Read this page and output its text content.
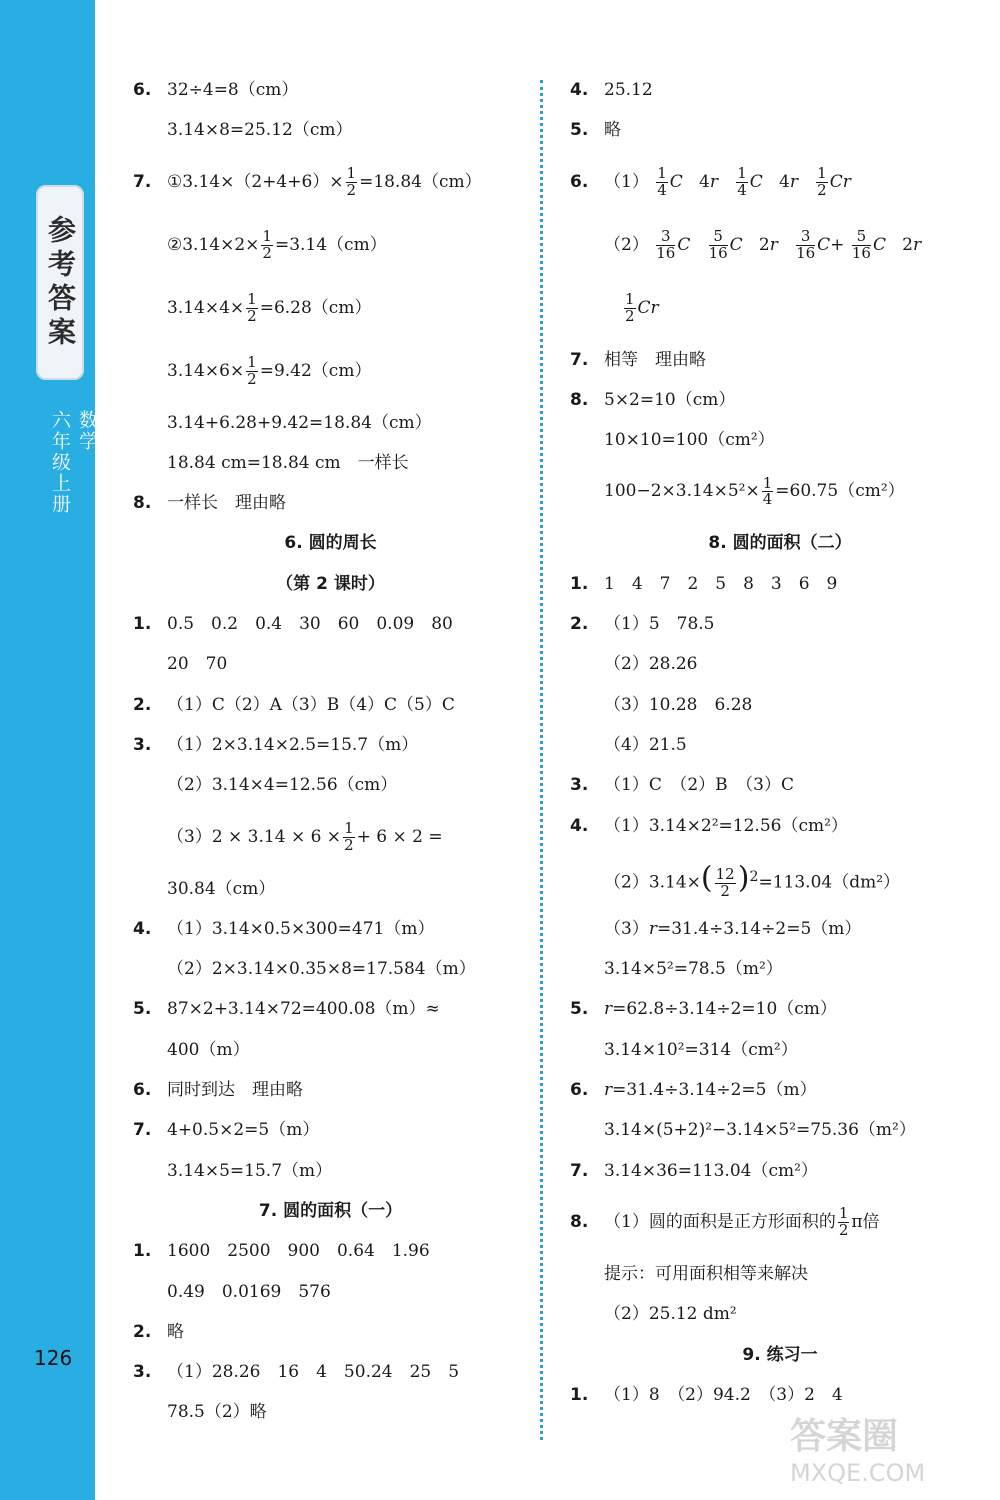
参考答案
数学
六年级上册
126
6. 32÷4=8（cm）
3.14×8=25.12（cm）
7. ①3.14×（2+4+6）× $\frac{1}{2} =18.84(cm)$
②3.14×2× $\frac{1}{2} =3.14(cm)$
$3.14\times 4\times \frac{1}{2} =6.28(cm)$
$3.14\times 6\times \frac{1}{2} =9.42(cm)$
3.14+6.28+9.42=18.84（cm）
18.84 cm=18.84 cm　一样长
8. 一样长　理由略
6. 圆的周长
（第 2 课时）
1. 0.5　0.2　0.4　30　60　0.09　80
20　70
2. （1）C（2）A（3）B（4）C（5）C
3. （1）2×3.14×2.5=15.7（m）
（2）3.14×4=12.56（cm）
$(3)2 \times 3.14 \times 6 \times \frac{1}{2} + 6 \times 2$ =
30.84（cm）
4. （1）3.14×0.5×300=471（m）
（2）2×3.14×0.35×8=17.584（m）
5. 87×2+3.14×72=400.08（m）≈
400（m）
6. 同时到达　理由略
7. 4+0.5×2=5（m）
3.14×5=15.7（m）
7. 圆的面积（一）
1. 1600　2500　900　0.64　1.96
0.49　0.0169　576
2. 略
3. （1）28.26　16　4　50.24　25　5
78.5（2）略
4. 25.12
5. 略
6. $(1) \frac{1}{4}$ C $4r \frac{1}{4}$ C $4r \frac{1}{2}$ Cr
$(2) \frac{3}{16}$ C $\frac{5}{16}$ C $2r \frac{3}{16} C+ \frac{5}{16}$ C 2r
$\frac{1}{2}$ Cr
7. 相等　理由略
8. 5×2=10（cm）
10×10=100（cm²）
$100-2\times 3.14\times 5^2\times \frac{1}{4} =60.75(cm^2)$
8. 圆的面积（二）
1. 1　4　7　2　5　8　3　6　9
2. （1）5　78.5
（2）28.26
（3）10.28　6.28
（4）21.5
3. （1）C　（2）B　（3）C
4. （1）3.14×2²=12.56（cm²）
$(2)3.14\times( \frac{12}{2} )^2=113.04(dm^2)$
（3）r=31.4÷3.14÷2=5（m）
3.14×5²=78.5（m²）
5. r=62.8÷3.14÷2=10（cm）
3.14×10²=314（cm²）
6. r=31.4÷3.14÷2=5（m）
3.14×(5+2)²−3.14×5²=75.36（m²）
7. 3.14×36=113.04（cm²）
8. （1）圆的面积是正方形面积的 $\frac{1}{2}$ π倍
提示：可用面积相等来解决
（2）25.12 dm²
9. 练习一
1. （1）8　（2）94.2　（3）2　4
答案圈
MXQE.COM
